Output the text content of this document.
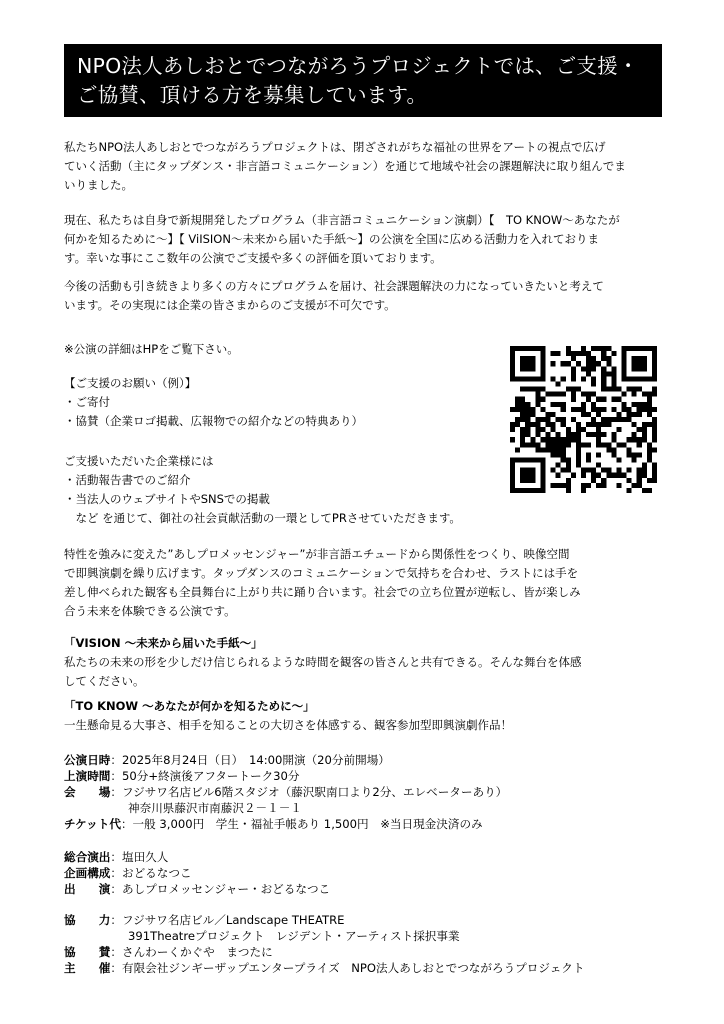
NPO法人あしおとでつながろうプロジェクトでは、ご支援・
ご協賛、頂ける方を募集しています。
私たちNPO法人あしおとでつながろうプロジェクトは、閉ざされがちな福祉の世界をアートの視点で広げ
ていく活動（主にタップダンス・非言語コミュニケーション）を通じて地域や社会の課題解決に取り組んでま
いりました。
現在、私たちは自身で新規開発したプログラム（非言語コミュニケーション演劇）【　TO KNOW～あなたが
何かを知るために～】【 ViISION～未来から届いた手紙～】の公演を全国に広める活動力を入れておりま
す。幸いな事にここ数年の公演でご支援や多くの評価を頂いております。
今後の活動も引き続きより多くの方々にプログラムを届け、社会課題解決の力になっていきたいと考えて
います。その実現には企業の皆さまからのご支援が不可欠です。
※公演の詳細はHPをご覧下さい。
【ご支援のお願い（例）】
・ご寄付
・協賛（企業ロゴ掲載、広報物での紹介などの特典あり）
ご支援いただいた企業様には
・活動報告書でのご紹介
・当法人のウェブサイトやSNSでの掲載
　など を通じて、御社の社会貢献活動の一環としてPRさせていただきます。
特性を強みに変えた”あしプロメッセンジャー”が非言語エチュードから関係性をつくり、映像空間
で即興演劇を繰り広げます。タップダンスのコミュニケーションで気持ちを合わせ、ラストには手を
差し伸べられた観客も全員舞台に上がり共に踊り合います。社会での立ち位置が逆転し、皆が楽しみ
合う未来を体験できる公演です。
「VISION ～未来から届いた手紙～」
私たちの未来の形を少しだけ信じられるような時間を観客の皆さんと共有できる。そんな舞台を体感
してください。
「TO KNOW ～あなたが何かを知るために～」
一生懸命見る大事さ、相手を知ることの大切さを体感する、観客参加型即興演劇作品！
公演日時：2025年8月24日（日）　14:00開演（20分前開場）
上演時間：50分+終演後アフタートーク30分
会　　場：フジサワ名店ビル6階スタジオ（藤沢駅南口より2分、エレベーターあり）
神奈川県藤沢市南藤沢２－１－１
チケット代：一般 3,000円　学生・福祉手帳あり 1,500円　※当日現金決済のみ
総合演出：塩田久人
企画構成：おどるなつこ
出　　演：あしプロメッセンジャー・おどるなつこ
協　　力：フジサワ名店ビル／Landscape THEATRE
391Theatreプロジェクト　レジデント・アーティスト採択事業
協　　賛：さんわーくかぐや　まつたに
主　　催：有限会社ジンギーザップエンタープライズ　NPO法人あしおとでつながろうプロジェクト
